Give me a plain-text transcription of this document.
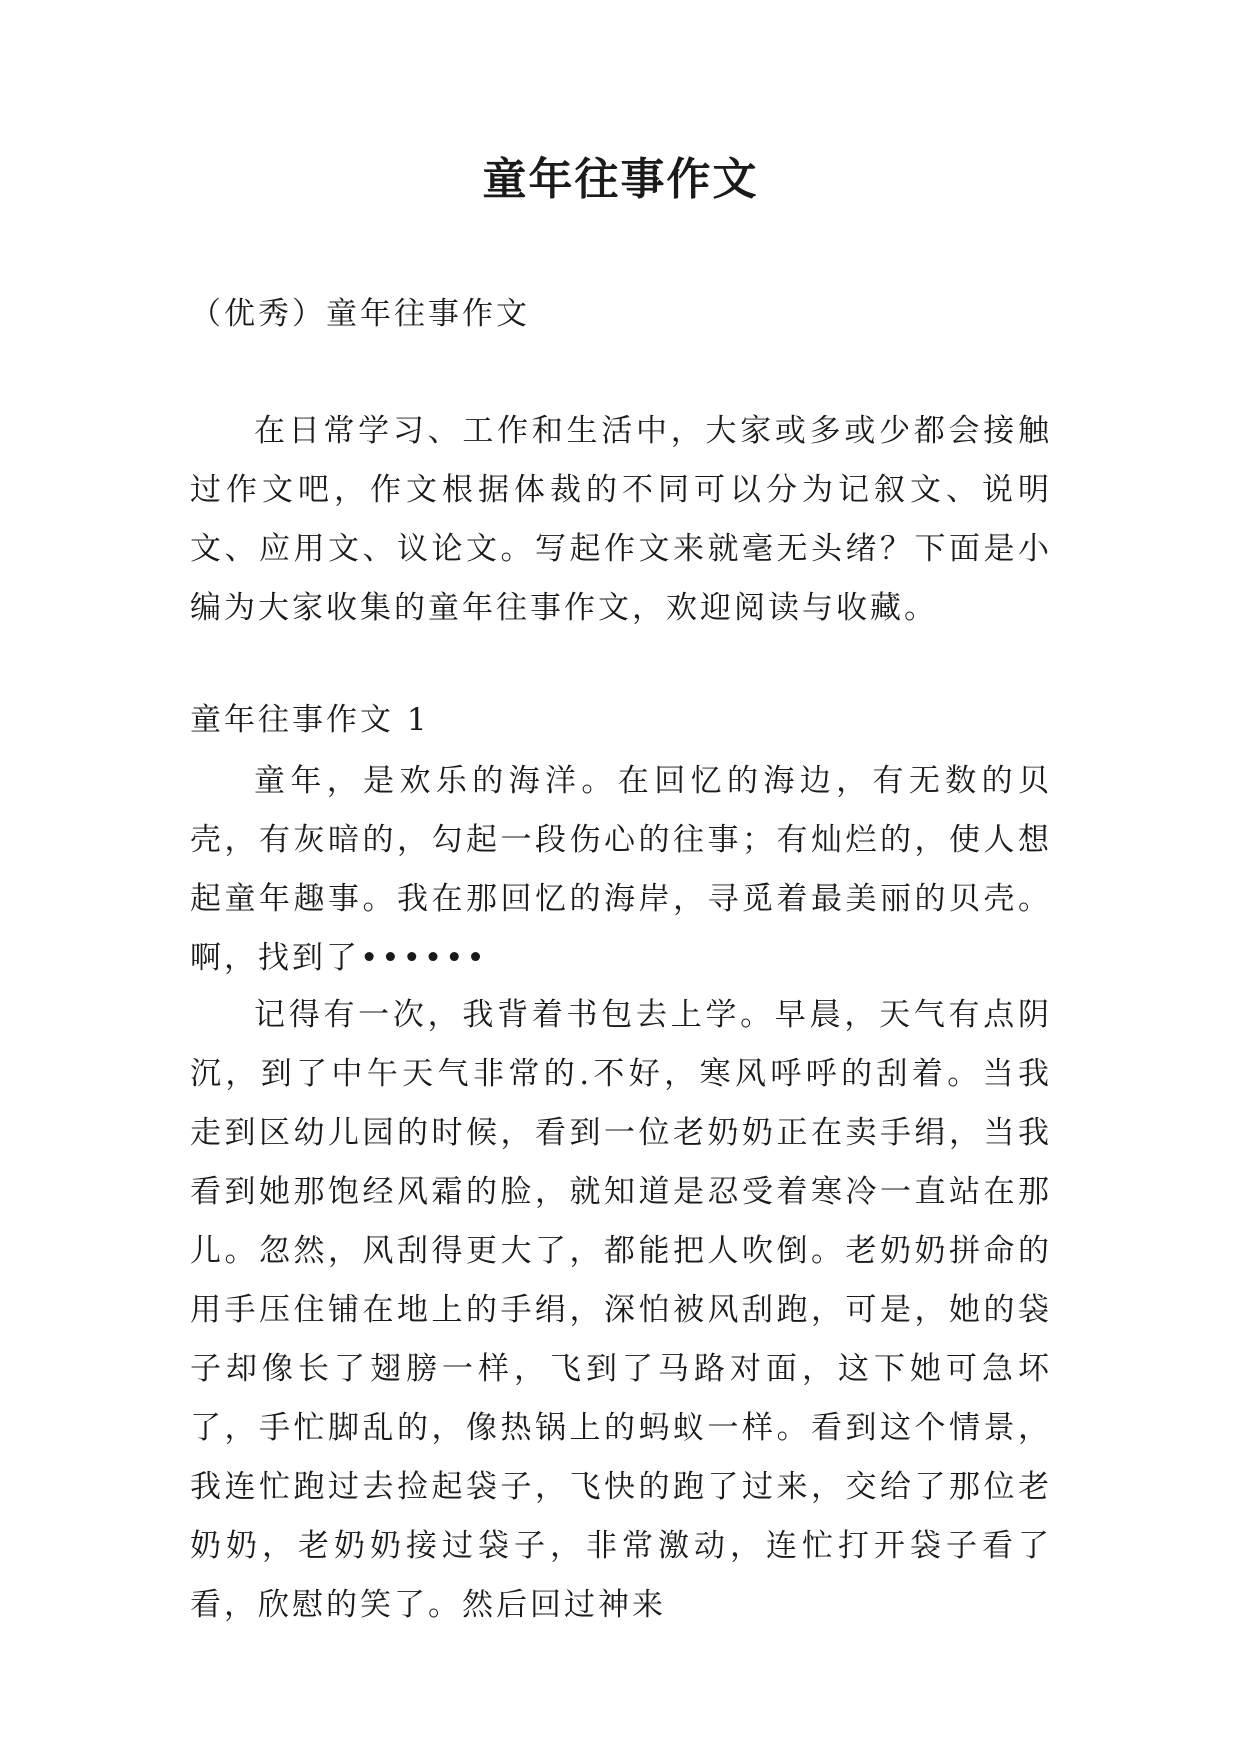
童年往事作文

（优秀）童年往事作文

在日常学习、工作和生活中，大家或多或少都会接触过作文吧，作文根据体裁的不同可以分为记叙文、说明文、应用文、议论文。写起作文来就毫无头绪？下面是小编为大家收集的童年往事作文，欢迎阅读与收藏。

童年往事作文 1

童年，是欢乐的海洋。在回忆的海边，有无数的贝壳，有灰暗的，勾起一段伤心的往事；有灿烂的，使人想起童年趣事。我在那回忆的海岸，寻觅着最美丽的贝壳。啊，找到了••••••

记得有一次，我背着书包去上学。早晨，天气有点阴沉，到了中午天气非常的.不好，寒风呼呼的刮着。当我走到区幼儿园的时候，看到一位老奶奶正在卖手绢，当我看到她那饱经风霜的脸，就知道是忍受着寒冷一直站在那儿。忽然，风刮得更大了，都能把人吹倒。老奶奶拼命的用手压住铺在地上的手绢，深怕被风刮跑，可是，她的袋子却像长了翅膀一样，飞到了马路对面，这下她可急坏了，手忙脚乱的，像热锅上的蚂蚁一样。看到这个情景，我连忙跑过去捡起袋子，飞快的跑了过来，交给了那位老奶奶，老奶奶接过袋子，非常激动，连忙打开袋子看了看，欣慰的笑了。然后回过神来
